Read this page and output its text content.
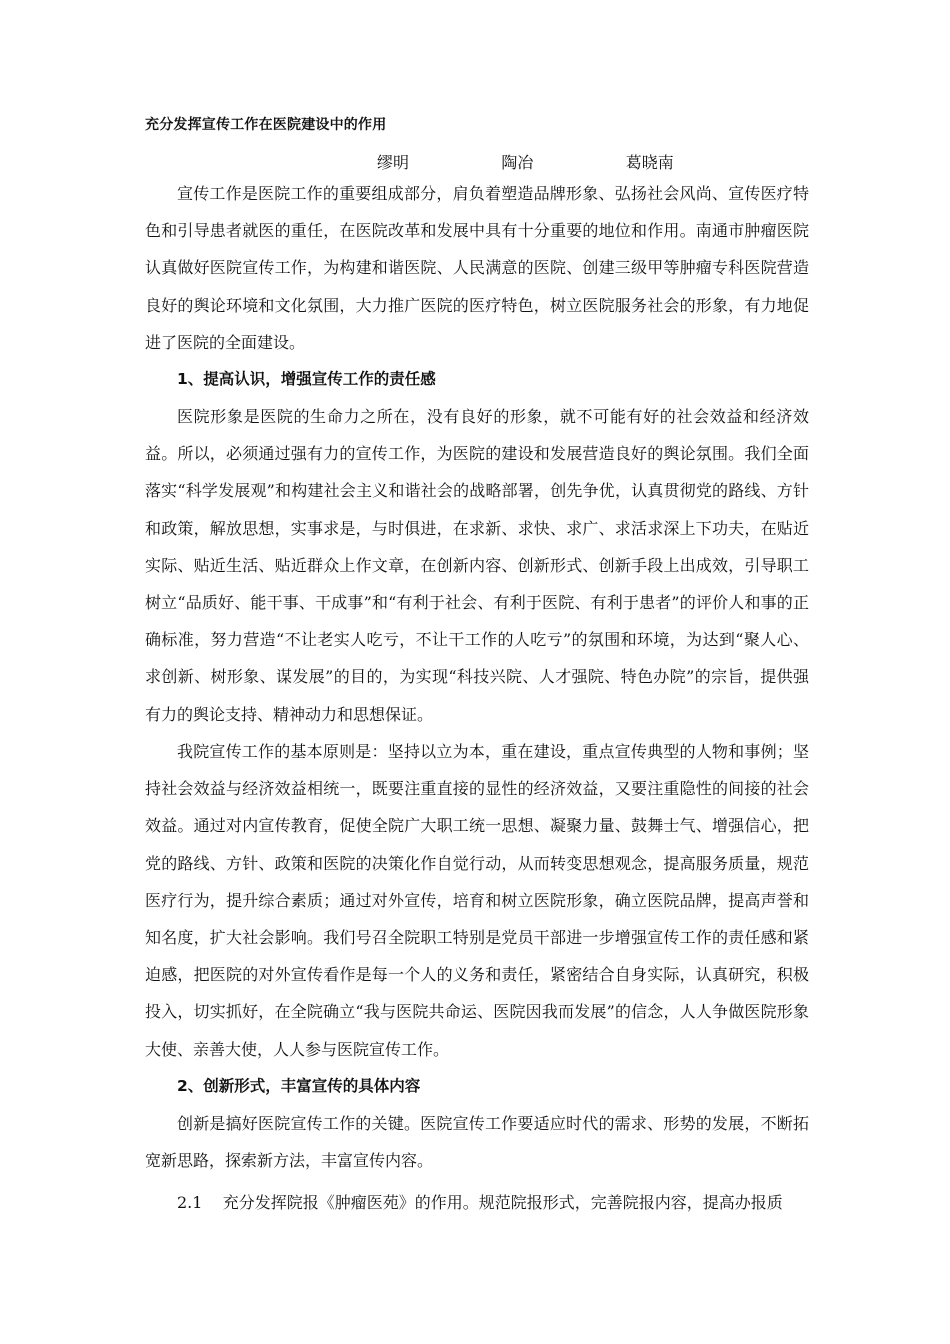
充分发挥宣传工作在医院建设中的作用
缪明    陶冶    葛晓南

宣传工作是医院工作的重要组成部分，肩负着塑造品牌形象、弘扬社会风尚、宣传医疗特色和引导患者就医的重任，在医院改革和发展中具有十分重要的地位和作用。南通市肿瘤医院认真做好医院宣传工作，为构建和谐医院、人民满意的医院、创建三级甲等肿瘤专科医院营造良好的舆论环境和文化氛围，大力推广医院的医疗特色，树立医院服务社会的形象，有力地促进了医院的全面建设。

1、提高认识，增强宣传工作的责任感

医院形象是医院的生命力之所在，没有良好的形象，就不可能有好的社会效益和经济效益。所以，必须通过强有力的宣传工作，为医院的建设和发展营造良好的舆论氛围。我们全面落实“科学发展观”和构建社会主义和谐社会的战略部署，创先争优，认真贯彻党的路线、方针和政策，解放思想，实事求是，与时俱进，在求新、求快、求广、求活求深上下功夫，在贴近实际、贴近生活、贴近群众上作文章，在创新内容、创新形式、创新手段上出成效，引导职工树立“品质好、能干事、干成事”和“有利于社会、有利于医院、有利于患者”的评价人和事的正确标准，努力营造“不让老实人吃亏，不让干工作的人吃亏”的氛围和环境，为达到“聚人心、求创新、树形象、谋发展”的目的，为实现“科技兴院、人才强院、特色办院”的宗旨，提供强有力的舆论支持、精神动力和思想保证。

我院宣传工作的基本原则是：坚持以立为本，重在建设，重点宣传典型的人物和事例；坚持社会效益与经济效益相统一，既要注重直接的显性的经济效益，又要注重隐性的间接的社会效益。通过对内宣传教育，促使全院广大职工统一思想、凝聚力量、鼓舞士气、增强信心，把党的路线、方针、政策和医院的决策化作自觉行动，从而转变思想观念，提高服务质量，规范医疗行为，提升综合素质；通过对外宣传，培育和树立医院形象，确立医院品牌，提高声誉和知名度，扩大社会影响。我们号召全院职工特别是党员干部进一步增强宣传工作的责任感和紧迫感，把医院的对外宣传看作是每一个人的义务和责任，紧密结合自身实际，认真研究，积极投入，切实抓好，在全院确立“我与医院共命运、医院因我而发展”的信念，人人争做医院形象大使、亲善大使，人人参与医院宣传工作。

2、创新形式，丰富宣传的具体内容

创新是搞好医院宣传工作的关键。医院宣传工作要适应时代的需求、形势的发展，不断拓宽新思路，探索新方法，丰富宣传内容。

2.1    充分发挥院报《肿瘤医苑》的作用。规范院报形式，完善院报内容，提高办报质
